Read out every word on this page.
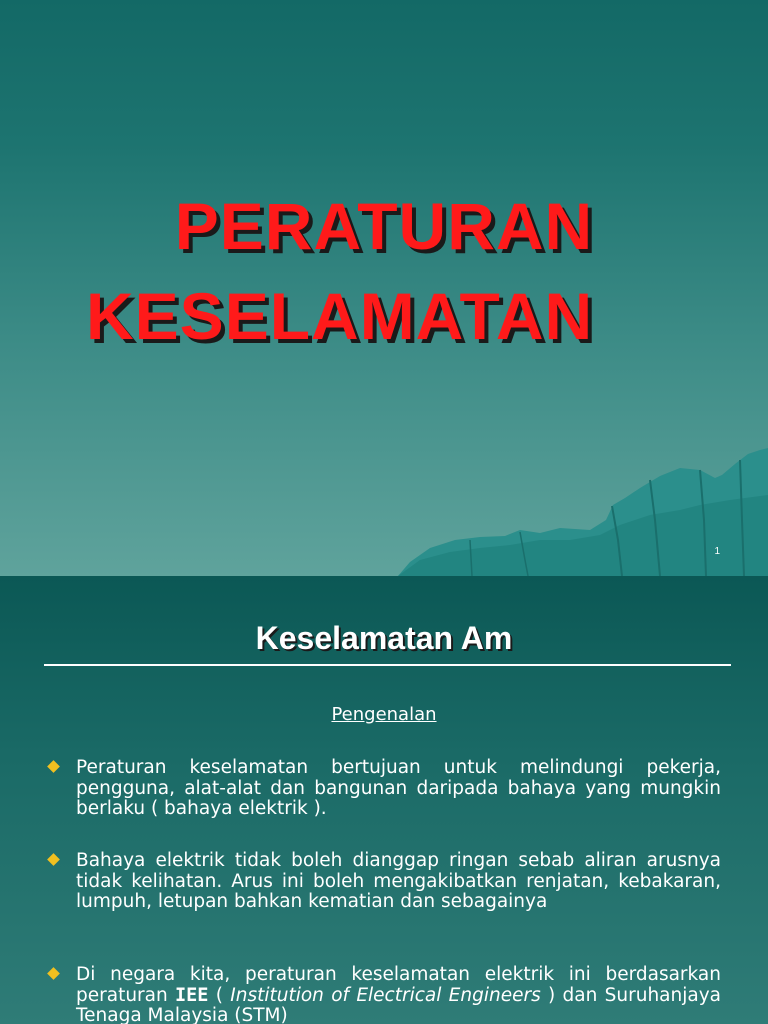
PERATURAN
KESELAMATAN
1
Keselamatan Am
Pengenalan
Peraturan keselamatan bertujuan untuk melindungi pekerja, pengguna, alat-alat dan bangunan daripada bahaya yang mungkin berlaku ( bahaya elektrik ).
Bahaya elektrik tidak boleh dianggap ringan sebab aliran arusnya tidak kelihatan. Arus ini boleh mengakibatkan renjatan, kebakaran, lumpuh, letupan bahkan kematian dan sebagainya
Di negara kita, peraturan keselamatan elektrik ini berdasarkan peraturan IEE ( Institution of Electrical Engineers ) dan Suruhanjaya Tenaga Malaysia (STM)
